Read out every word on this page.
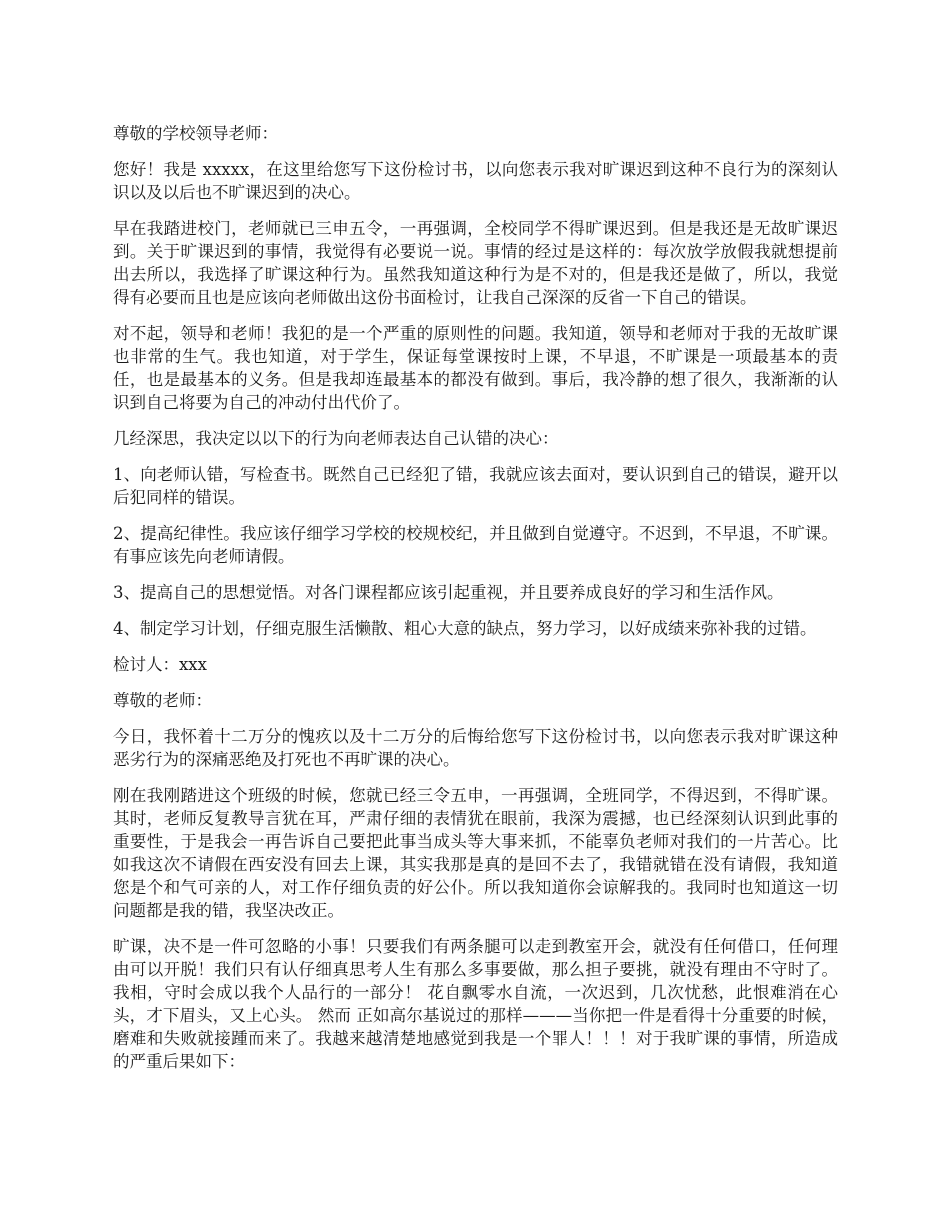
尊敬的学校领导老师：

您好！我是 xxxxx，在这里给您写下这份检讨书，以向您表示我对旷课迟到这种不良行为的深刻认识以及以后也不旷课迟到的决心。

早在我踏进校门，老师就已三申五令，一再强调，全校同学不得旷课迟到。但是我还是无故旷课迟到。关于旷课迟到的事情，我觉得有必要说一说。事情的经过是这样的：每次放学放假我就想提前出去所以，我选择了旷课这种行为。虽然我知道这种行为是不对的，但是我还是做了，所以，我觉得有必要而且也是应该向老师做出这份书面检讨，让我自己深深的反省一下自己的错误。

对不起，领导和老师！我犯的是一个严重的原则性的问题。我知道，领导和老师对于我的无故旷课也非常的生气。我也知道，对于学生，保证每堂课按时上课，不早退，不旷课是一项最基本的责任，也是最基本的义务。但是我却连最基本的都没有做到。事后，我冷静的想了很久，我渐渐的认识到自己将要为自己的冲动付出代价了。

几经深思，我决定以以下的行为向老师表达自己认错的决心：

1、向老师认错，写检查书。既然自己已经犯了错，我就应该去面对，要认识到自己的错误，避开以后犯同样的错误。

2、提高纪律性。我应该仔细学习学校的校规校纪，并且做到自觉遵守。不迟到，不早退，不旷课。有事应该先向老师请假。

3、提高自己的思想觉悟。对各门课程都应该引起重视，并且要养成良好的学习和生活作风。

4、制定学习计划，仔细克服生活懒散、粗心大意的缺点，努力学习，以好成绩来弥补我的过错。

检讨人：xxx

尊敬的老师：

今日，我怀着十二万分的愧疚以及十二万分的后悔给您写下这份检讨书，以向您表示我对旷课这种恶劣行为的深痛恶绝及打死也不再旷课的决心。

刚在我刚踏进这个班级的时候，您就已经三令五申，一再强调，全班同学，不得迟到，不得旷课。其时，老师反复教导言犹在耳，严肃仔细的表情犹在眼前，我深为震撼，也已经深刻认识到此事的重要性，于是我会一再告诉自己要把此事当成头等大事来抓，不能辜负老师对我们的一片苦心。比如我这次不请假在西安没有回去上课，其实我那是真的是回不去了，我错就错在没有请假，我知道您是个和气可亲的人，对工作仔细负责的好公仆。所以我知道你会谅解我的。我同时也知道这一切问题都是我的错，我坚决改正。

旷课，决不是一件可忽略的小事！只要我们有两条腿可以走到教室开会，就没有任何借口，任何理由可以开脱！我们只有认仔细真思考人生有那么多事要做，那么担子要挑，就没有理由不守时了。我相，守时会成以我个人品行的一部分！ 花自飘零水自流，一次迟到，几次忧愁，此恨难消在心头，才下眉头，又上心头。 然而 正如高尔基说过的那样———当你把一件是看得十分重要的时候，磨难和失败就接踵而来了。我越来越清楚地感觉到我是一个罪人！！！对于我旷课的事情，所造成的严重后果如下：
